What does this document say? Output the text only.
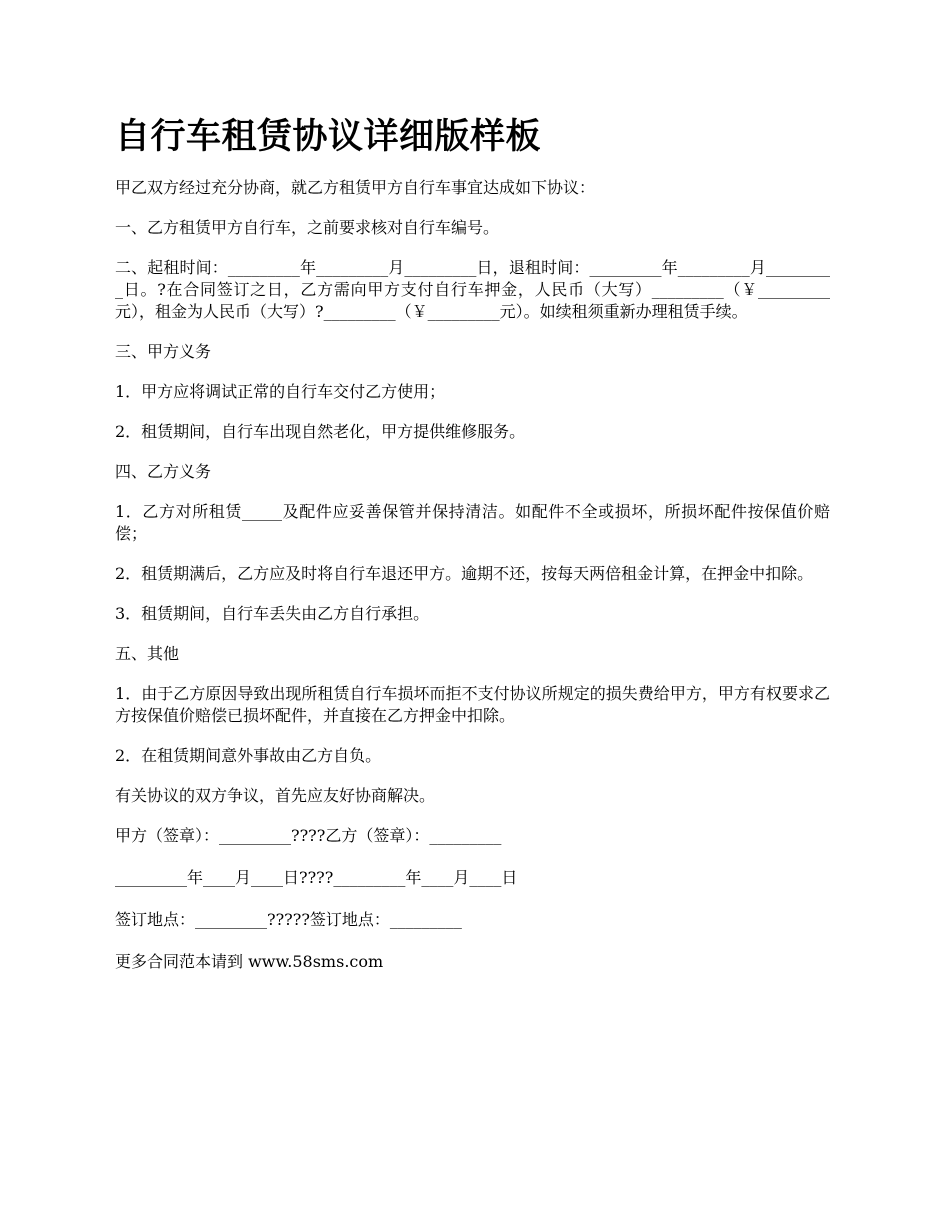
自行车租赁协议详细版样板

甲乙双方经过充分协商，就乙方租赁甲方自行车事宜达成如下协议：

一、乙方租赁甲方自行车，之前要求核对自行车编号。

二、起租时间：_________年_________月_________日，退租时间：_________年_________月_________日。?在合同签订之日，乙方需向甲方支付自行车押金，人民币（大写）_________（￥_________元），租金为人民币（大写）?_________（￥_________元）。如续租须重新办理租赁手续。

三、甲方义务

1．甲方应将调试正常的自行车交付乙方使用；

2．租赁期间，自行车出现自然老化，甲方提供维修服务。

四、乙方义务

1．乙方对所租赁_____及配件应妥善保管并保持清洁。如配件不全或损坏，所损坏配件按保值价赔偿；

2．租赁期满后，乙方应及时将自行车退还甲方。逾期不还，按每天两倍租金计算，在押金中扣除。

3．租赁期间，自行车丢失由乙方自行承担。

五、其他

1．由于乙方原因导致出现所租赁自行车损坏而拒不支付协议所规定的损失费给甲方，甲方有权要求乙方按保值价赔偿已损坏配件，并直接在乙方押金中扣除。

2．在租赁期间意外事故由乙方自负。

有关协议的双方争议，首先应友好协商解决。

甲方（签章）：_________????乙方（签章）：_________

_________年____月____日????_________年____月____日

签订地点：_________?????签订地点：_________

更多合同范本请到 www.58sms.com
